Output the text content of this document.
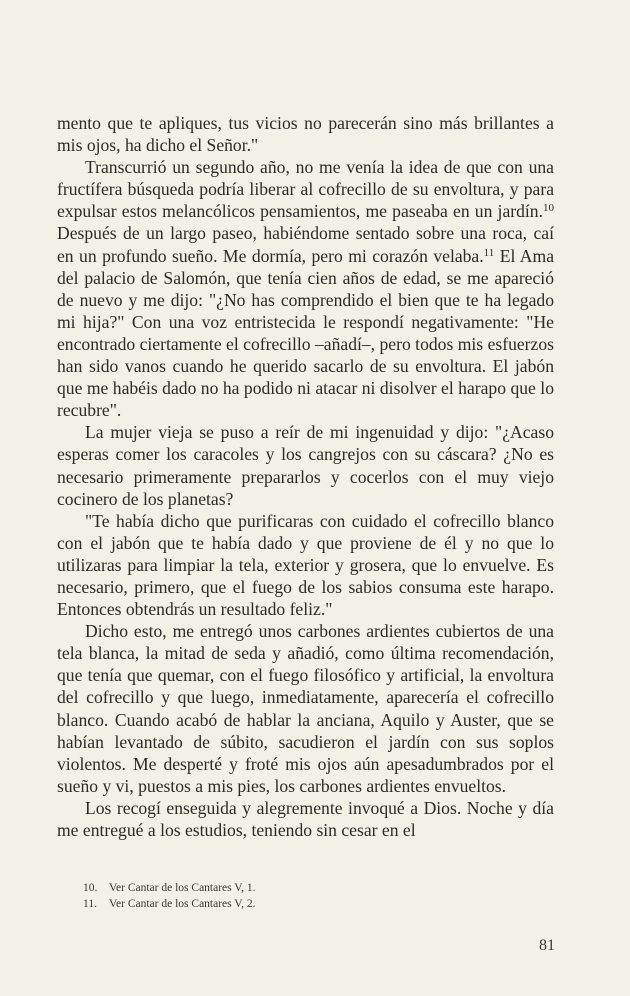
mento que te apliques, tus vicios no parecerán sino más brillantes a mis ojos, ha dicho el Señor."

Transcurrió un segundo año, no me venía la idea de que con una fructífera búsqueda podría liberar al cofrecillo de su envoltura, y para expulsar estos melancólicos pensamientos, me paseaba en un jardín.$^{10}$ Después de un largo paseo, habiéndome sentado sobre una roca, caí en un profundo sueño. Me dormía, pero mi corazón velaba.$^{11}$ El Ama del palacio de Salomón, que tenía cien años de edad, se me apareció de nuevo y me dijo: "¿No has comprendido el bien que te ha legado mi hija?" Con una voz entristecida le respondí negativamente: "He encontrado ciertamente el cofrecillo –añadí–, pero todos mis esfuerzos han sido vanos cuando he querido sacarlo de su envoltura. El jabón que me habéis dado no ha podido ni atacar ni disolver el harapo que lo recubre".

La mujer vieja se puso a reír de mi ingenuidad y dijo: "¿Acaso esperas comer los caracoles y los cangrejos con su cáscara? ¿No es necesario primeramente prepararlos y cocerlos con el muy viejo cocinero de los planetas?

"Te había dicho que purificaras con cuidado el cofrecillo blanco con el jabón que te había dado y que proviene de él y no que lo utilizaras para limpiar la tela, exterior y grosera, que lo envuelve. Es necesario, primero, que el fuego de los sabios consuma este harapo. Entonces obtendrás un resultado feliz."

Dicho esto, me entregó unos carbones ardientes cubiertos de una tela blanca, la mitad de seda y añadió, como última recomendación, que tenía que quemar, con el fuego filosófico y artificial, la envoltura del cofrecillo y que luego, inmediatamente, aparecería el cofrecillo blanco. Cuando acabó de hablar la anciana, Aquilo y Auster, que se habían levantado de súbito, sacudieron el jardín con sus soplos violentos. Me desperté y froté mis ojos aún apesadumbrados por el sueño y vi, puestos a mis pies, los carbones ardientes envueltos.

Los recogí enseguida y alegremente invoqué a Dios. Noche y día me entregué a los estudios, teniendo sin cesar en el

10. Ver Cantar de los Cantares V, 1.

11. Ver Cantar de los Cantares V, 2.

81
